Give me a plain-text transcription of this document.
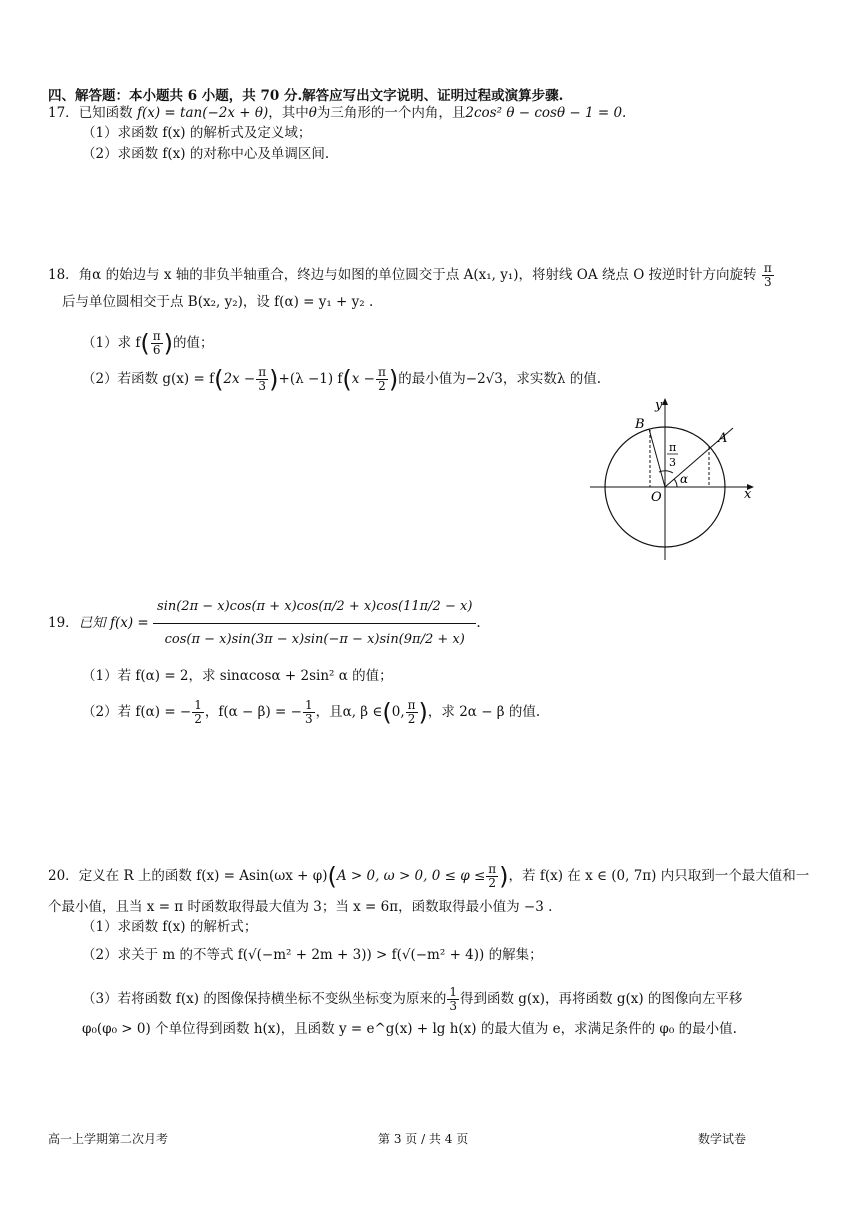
四、解答题：本小题共 6 小题，共 70 分.解答应写出文字说明、证明过程或演算步骤.
17．已知函数 f(x) = tan(−2x + θ)，其中θ为三角形的一个内角，且2cos² θ − cosθ − 1 = 0.
（1）求函数 f(x) 的解析式及定义域；
（2）求函数 f(x) 的对称中心及单调区间.
18．角α 的始边与 x 轴的非负半轴重合，终边与如图的单位圆交于点 A(x₁, y₁)，将射线 OA 绕点 O 按逆时针方向旋转 $\frac{\pi}{3}$
后与单位圆相交于点 B(x₂, y₂)，设 f(α) = y₁ + y₂ .
（1）求 $f( \frac{\pi}{6}$ )的值；
（2）若函数 $g(x) = f(2x - \frac{\pi}{3} )+(\lambda -1)$ $f(x - \frac{\pi}{2}$ )的最小值为−2√3，求实数λ 的值.
B
A
O	x
y
α
π
3
19．已知 $f(x) = \frac{\sin(2\pi - x)\cos(\pi + x)\cos(\pi/2 + x)\cos(11\pi/2 - x)}{\cos(\pi - x)\sin(3\pi - x)\sin(-\pi - x)\sin(9\pi/2 + x)}$ .
（1）若 f(α) = 2，求 sinαcosα + 2sin² α 的值；
（2）若 f(α) = − $\frac{1}{2}$ ，f(α − β) = − $\frac{1}{3}$ ，且α, β ∈(0, $\frac{\pi}{2}$ )，求 2α − β 的值.
20．定义在 R 上的函数 f(x) = Asin(ωx + φ)(A > 0, ω > 0, $0 \le \varphi \le \frac{\pi}{2}$ )，若 f(x) 在 x ∈ (0, 7π) 内只取到一个最大值和一
个最小值，且当 x = π 时函数取得最大值为 3；当 x = 6π，函数取得最小值为 −3 .
（1）求函数 f(x) 的解析式；
（2）求关于 m 的不等式 f(√(−m² + 2m + 3)) > f(√(−m² + 4)) 的解集；
（3）若将函数 f(x) 的图像保持横坐标不变纵坐标变为原来的 $\frac{1}{3}$ 得到函数 g(x)，再将函数 g(x) 的图像向左平移
φ₀(φ₀ > 0) 个单位得到函数 h(x)，且函数 y = e^g(x) + lg h(x) 的最大值为 e，求满足条件的 φ₀ 的最小值.
高一上学期第二次月考	第 3 页 / 共 4 页	数学试卷
